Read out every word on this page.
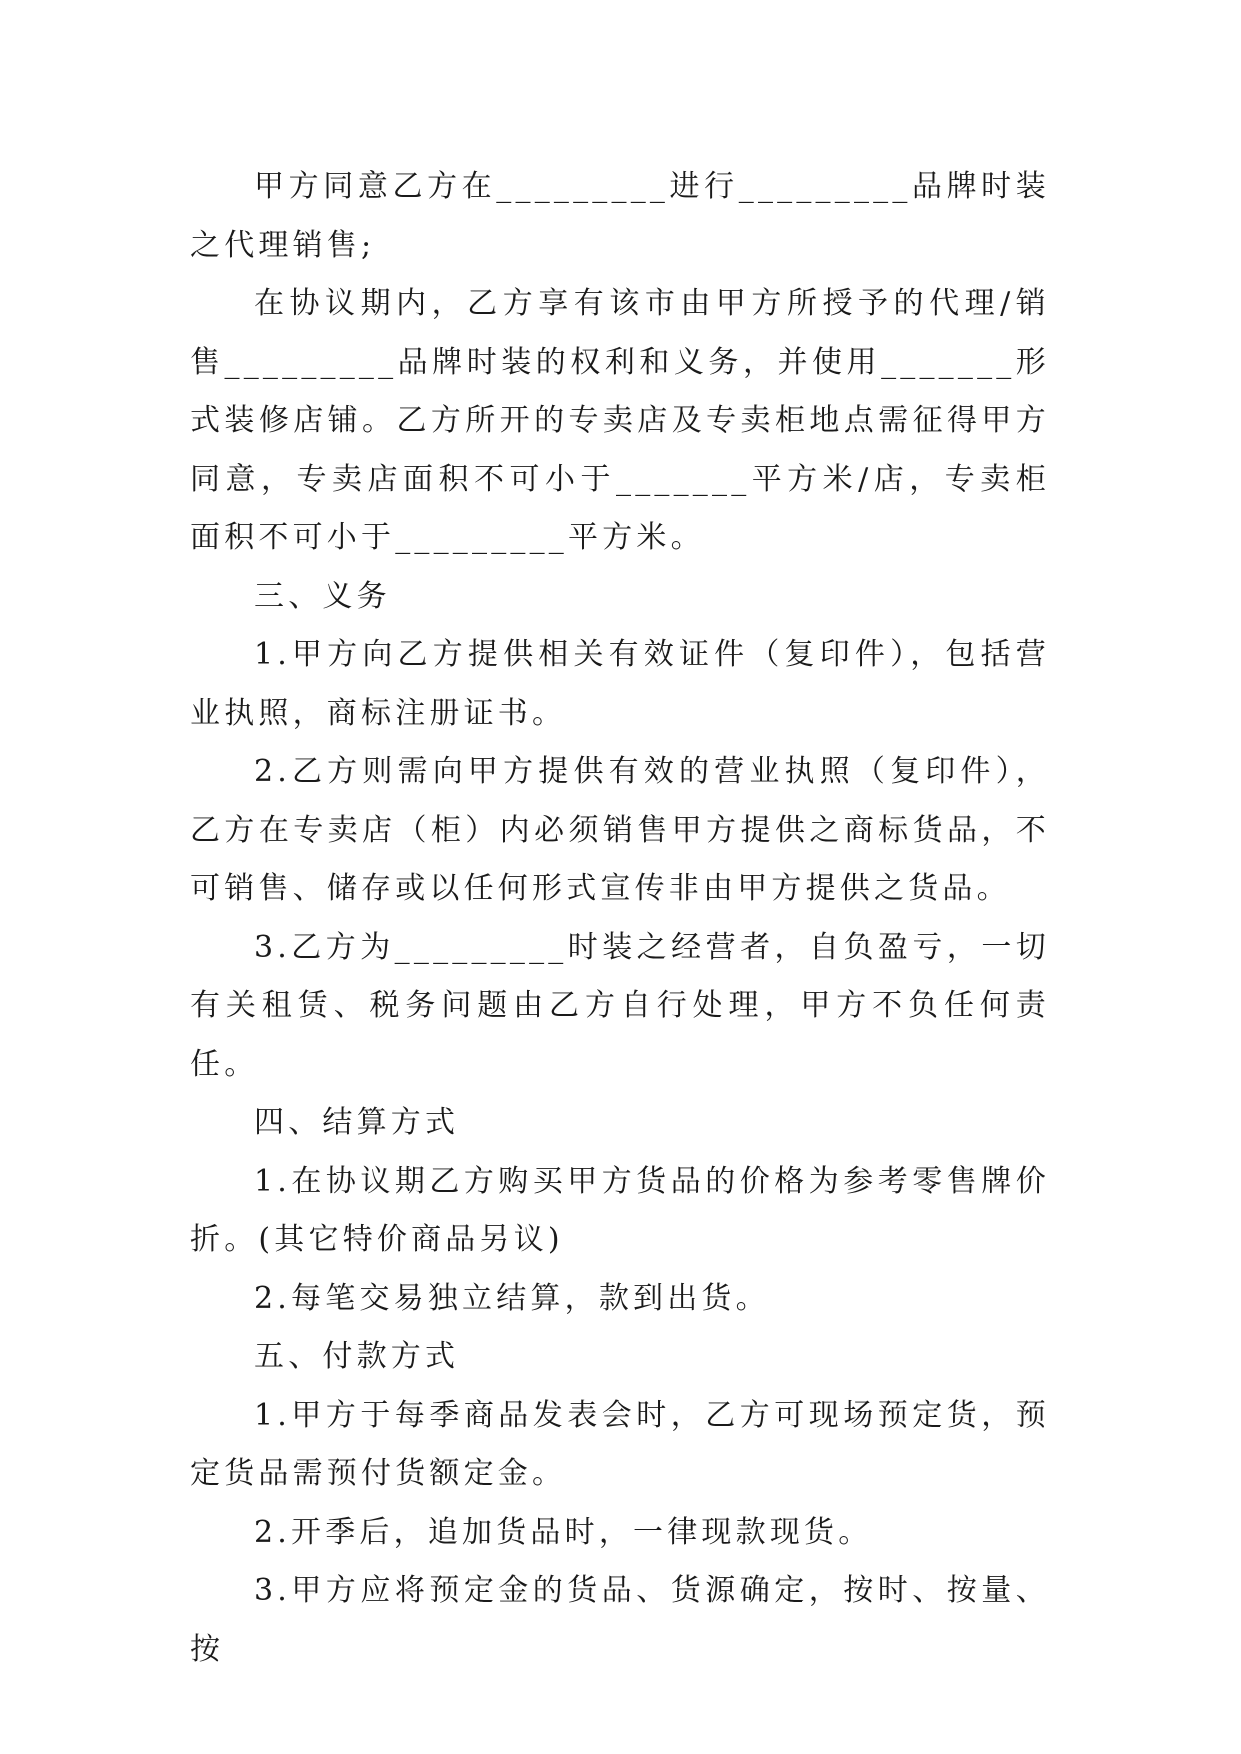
甲方同意乙方在_________进行_________品牌时装之代理销售;

在协议期内，乙方享有该市由甲方所授予的代理/销售_________品牌时装的权利和义务，并使用_______形式装修店铺。乙方所开的专卖店及专卖柜地点需征得甲方同意，专卖店面积不可小于_______平方米/店，专卖柜面积不可小于_________平方米。

三、义务

1.甲方向乙方提供相关有效证件（复印件），包括营业执照，商标注册证书。

2.乙方则需向甲方提供有效的营业执照（复印件），乙方在专卖店（柜）内必须销售甲方提供之商标货品，不可销售、储存或以任何形式宣传非由甲方提供之货品。

3.乙方为_________时装之经营者，自负盈亏，一切有关租赁、税务问题由乙方自行处理，甲方不负任何责任。

四、结算方式

1.在协议期乙方购买甲方货品的价格为参考零售牌价折。(其它特价商品另议)

2.每笔交易独立结算，款到出货。

五、付款方式

1.甲方于每季商品发表会时，乙方可现场预定货，预定货品需预付货额定金。

2.开季后，追加货品时，一律现款现货。

3.甲方应将预定金的货品、货源确定，按时、按量、按
